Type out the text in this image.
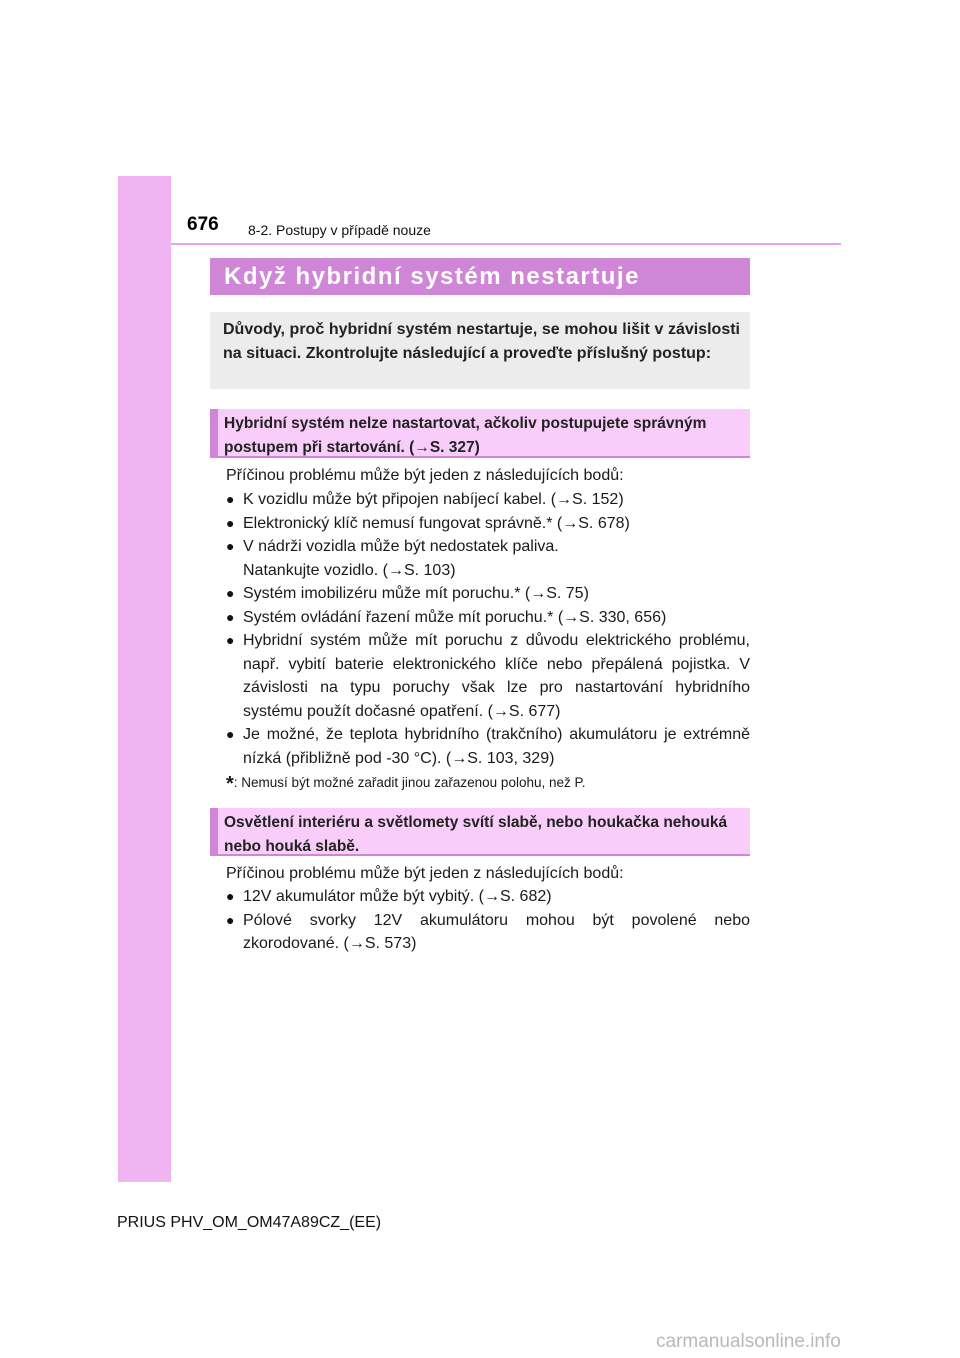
676 8-2. Postupy v případě nouze
Když hybridní systém nestartuje
Důvody, proč hybridní systém nestartuje, se mohou lišit v závislosti na situaci. Zkontrolujte následující a proveďte příslušný postup:
Hybridní systém nelze nastartovat, ačkoliv postupujete správným postupem při startování. (→S. 327)
Příčinou problému může být jeden z následujících bodů:
● K vozidlu může být připojen nabíjecí kabel. (→S. 152)
● Elektronický klíč nemusí fungovat správně.* (→S. 678)
● V nádrži vozidla může být nedostatek paliva.
Natankujte vozidlo. (→S. 103)
● Systém imobilizéru může mít poruchu.* (→S. 75)
● Systém ovládání řazení může mít poruchu.* (→S. 330, 656)
● Hybridní systém může mít poruchu z důvodu elektrického problému, např. vybití baterie elektronického klíče nebo přepálená pojistka. V závislosti na typu poruchy však lze pro nastartování hybridního systému použít dočasné opatření. (→S. 677)
● Je možné, že teplota hybridního (trakčního) akumulátoru je extrémně nízká (přibližně pod -30 °C). (→S. 103, 329)
*: Nemusí být možné zařadit jinou zařazenou polohu, než P.
Osvětlení interiéru a světlomety svítí slabě, nebo houkačka nehouká nebo houká slabě.
Příčinou problému může být jeden z následujících bodů:
● 12V akumulátor může být vybitý. (→S. 682)
● Pólové svorky 12V akumulátoru mohou být povolené nebo zkorodované. (→S. 573)
PRIUS PHV_OM_OM47A89CZ_(EE)
carmanualsonline.info
